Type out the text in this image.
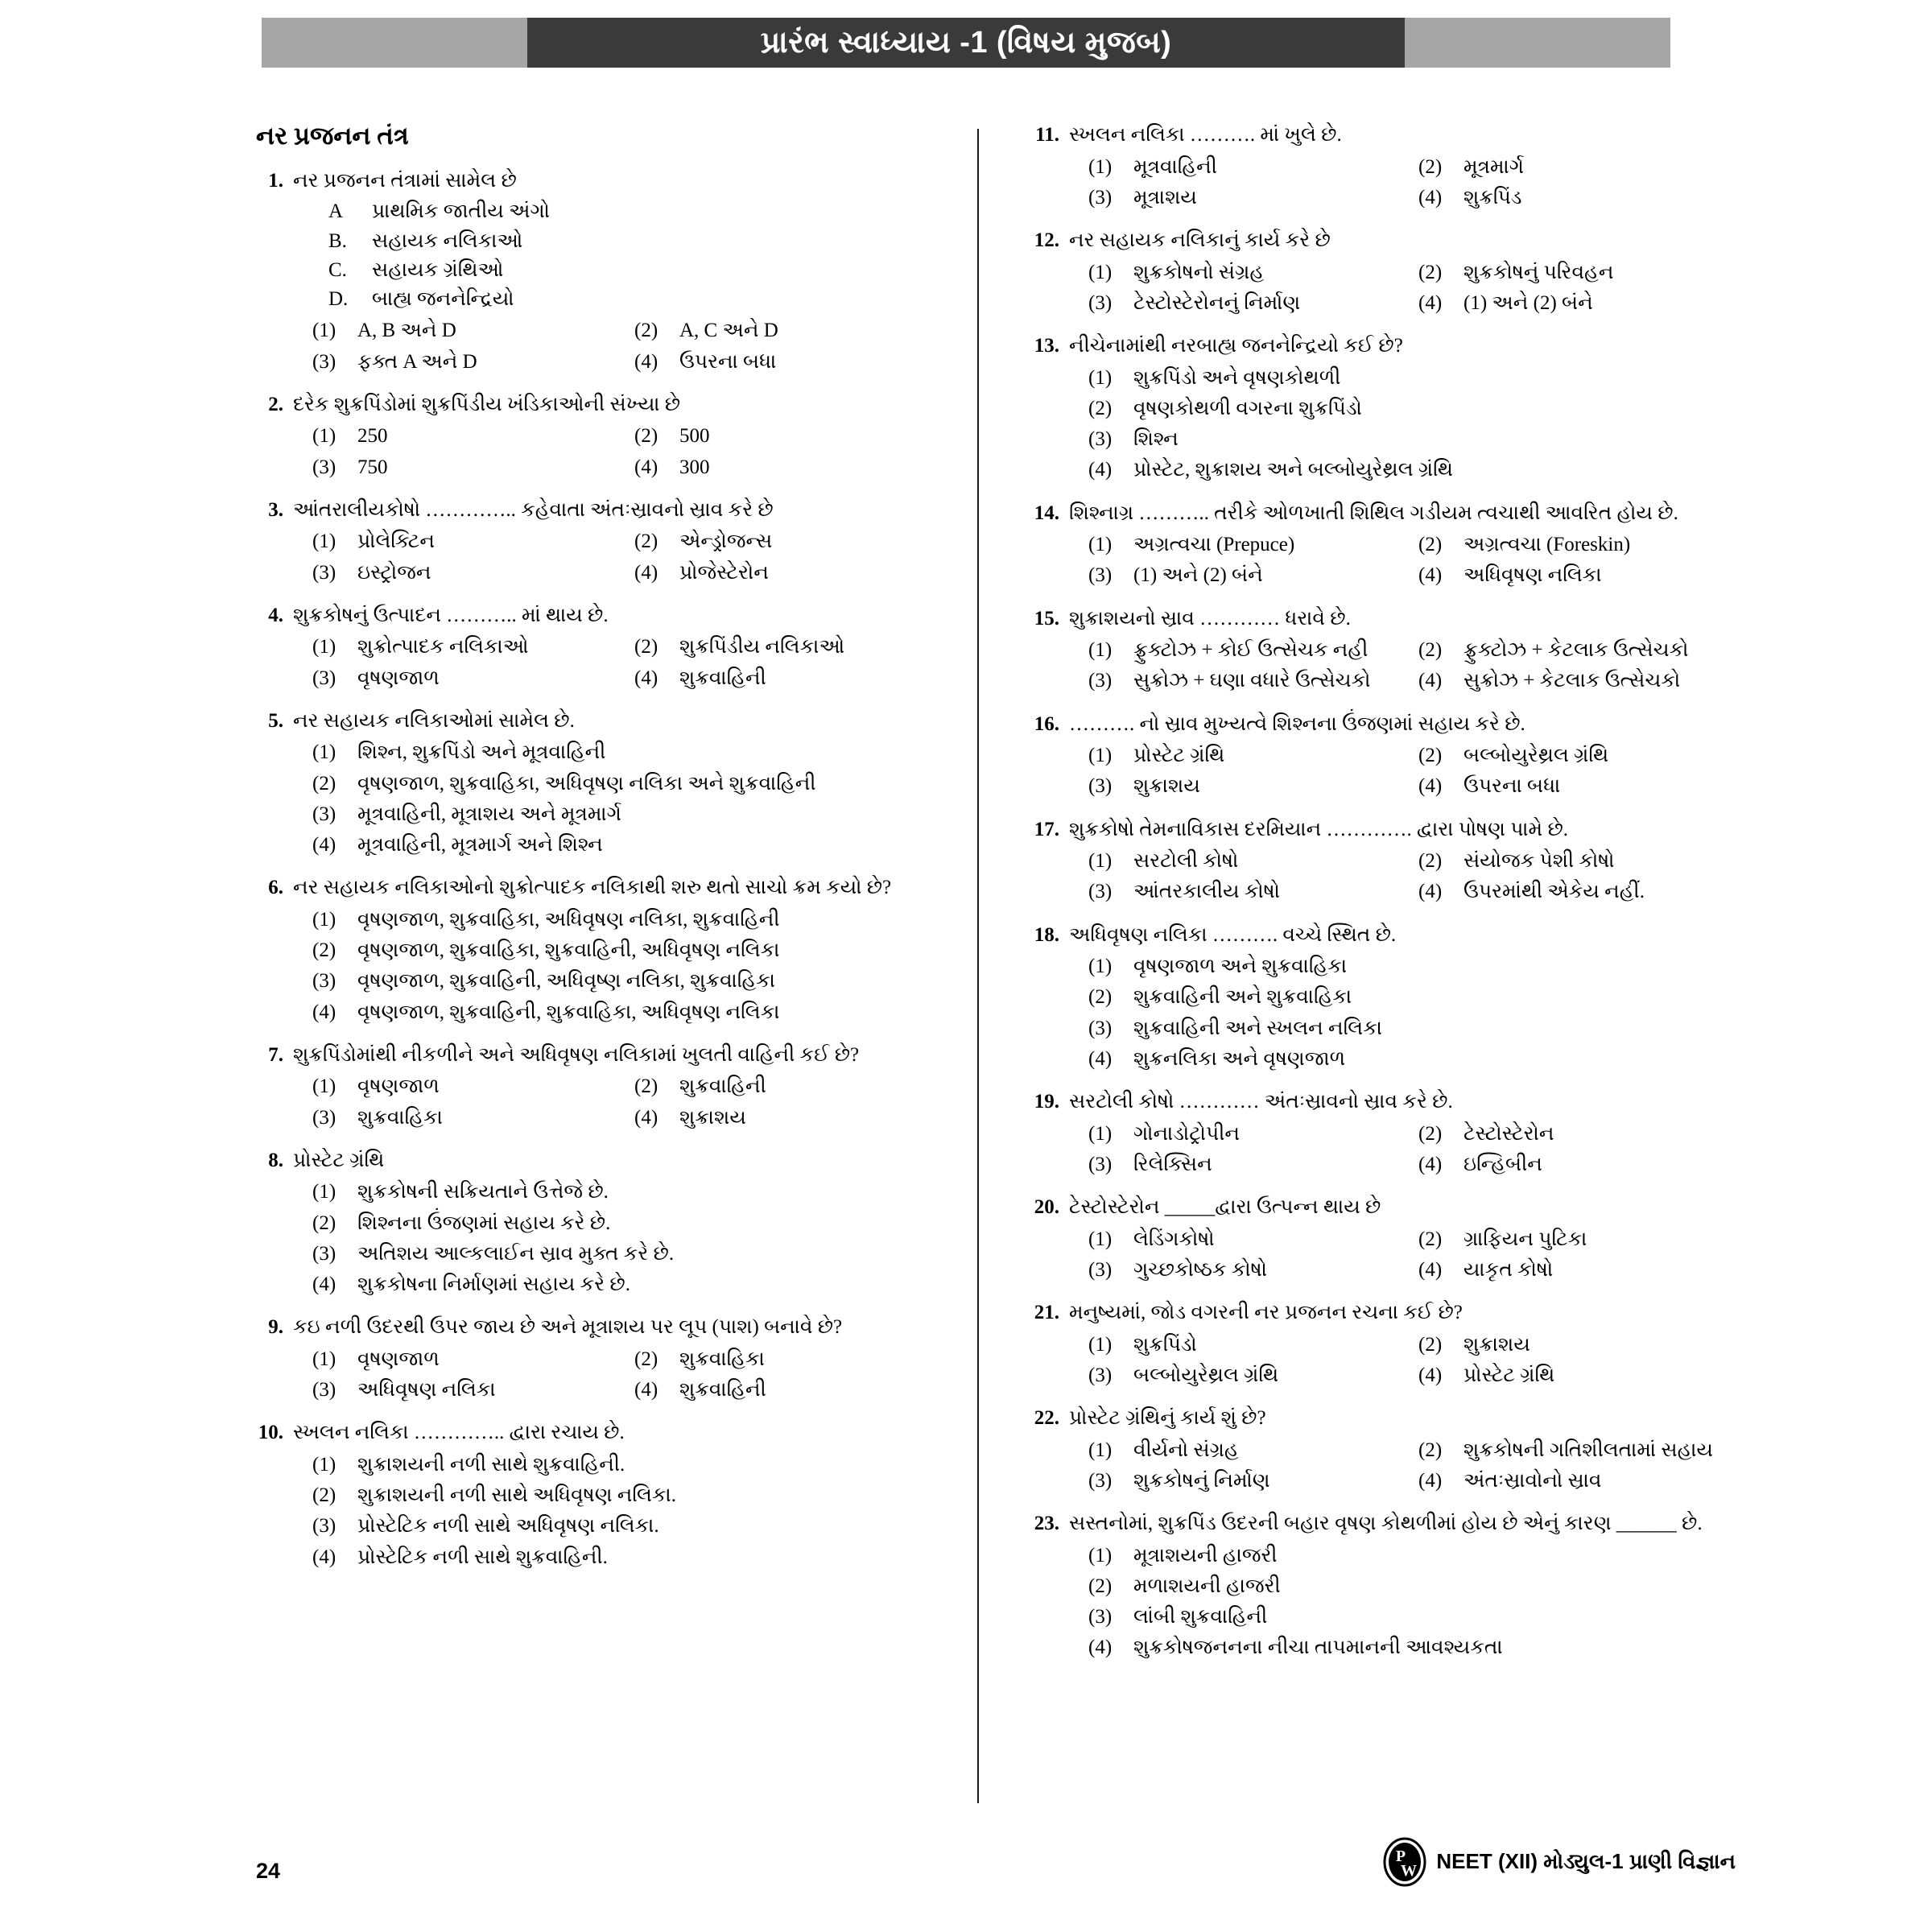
પ્રારંભ સ્વાધ્યાય -1 (વિષય મુજબ)
નર પ્રજનન તંત્ર
1. નર પ્રજનન તંત્રામાં સામેલ છે
A	પ્રાથમિક જાતીય અંગો
B.	સહાયક નલિકાઓ
C.	સહાયક ગ્રંથિઓ
D.	બાહ્ય જનનેન્દ્રિયો
(1)	A, B અને D	(2)	A, C અને D
(3)	ફક્ત A અને D	(4)	ઉપરના બધા
2. દરેક શુક્રપિંડોમાં શુક્રપિંડીય ખંડિકાઓની સંખ્યા છે
(1)	250	(2)	500
(3)	750	(4)	300
3. આંતરાલીયકોષો ………….. કહેવાતા અંતઃસ્રાવનો સ્રાવ કરે છે
(1)	પ્રોલેક્ટિન	(2)	એન્ડ્રોજન્સ
(3)	ઇસ્ટ્રોજન	(4)	પ્રોજેસ્ટેરોન
4. શુક્રકોષનું ઉત્પાદન ……….. માં થાય છે.
(1)	શુક્રોત્પાદક નલિકાઓ	(2)	શુક્રપિંડીય નલિકાઓ
(3)	વૃષણજાળ	(4)	શુક્રવાહિની
5. નર સહાયક નલિકાઓમાં સામેલ છે.
(1)	શિશ્ન, શુક્રપિંડો અને મૂત્રવાહિની
(2)	વૃષણજાળ, શુક્રવાહિકા, અધિવૃષણ નલિકા અને શુક્રવાહિની
(3)	મૂત્રવાહિની, મૂત્રાશય અને મૂત્રમાર્ગ
(4)	મૂત્રવાહિની, મૂત્રમાર્ગ અને શિશ્ન
6. નર સહાયક નલિકાઓનો શુક્રોત્પાદક નલિકાથી શરુ થતો સાચો ક્રમ કયો છે?
(1)	વૃષણજાળ, શુક્રવાહિકા, અધિવૃષણ નલિકા, શુક્રવાહિની
(2)	વૃષણજાળ, શુક્રવાહિકા, શુક્રવાહિની, અધિવૃષણ નલિકા
(3)	વૃષણજાળ, શુક્રવાહિની, અધિવૃષ્ણ નલિકા, શુક્રવાહિકા
(4)	વૃષણજાળ, શુક્રવાહિની, શુક્રવાહિકા, અધિવૃષણ નલિકા
7. શુક્રપિંડોમાંથી નીકળીને અને અધિવૃષણ નલિકામાં ખુલતી વાહિની કઈ છે?
(1)	વૃષણજાળ	(2)	શુક્રવાહિની
(3)	શુક્રવાહિકા	(4)	શુક્રાશય
8. પ્રોસ્ટેટ ગ્રંથિ
(1)	શુક્રકોષની સક્રિયતાને ઉત્તેજે છે.
(2)	શિશ્નના ઉંજણમાં સહાય કરે છે.
(3)	અતિશય આલ્કલાઈન સ્રાવ મુક્ત કરે છે.
(4)	શુક્રકોષના નિર્માણમાં સહાય કરે છે.
9. કઇ નળી ઉદરથી ઉપર જાય છે અને મૂત્રાશય પર લૂપ (પાશ) બનાવે છે?
(1)	વૃષણજાળ	(2)	શુક્રવાહિકા
(3)	અધિવૃષણ નલિકા	(4)	શુક્રવાહિની
10. સ્ખલન નલિકા ………….. દ્વારા રચાય છે.
(1)	શુક્રાશયની નળી સાથે શુક્રવાહિની.
(2)	શુક્રાશયની નળી સાથે અધિવૃષણ નલિકા.
(3)	પ્રોસ્ટેટિક નળી સાથે અધિવૃષણ નલિકા.
(4)	પ્રોસ્ટેટિક નળી સાથે શુક્રવાહિની.
11. સ્ખલન નલિકા ………. માં ખુલે છે.
(1)	મૂત્રવાહિની	(2)	મૂત્રમાર્ગ
(3)	મૂત્રાશય	(4)	શુક્રપિંડ
12. નર સહાયક નલિકાનું કાર્ય કરે છે
(1)	શુક્રકોષનો સંગ્રહ	(2)	શુક્રકોષનું પરિવહન
(3)	ટેસ્ટોસ્ટેરોનનું નિર્માણ	(4)	(1) અને (2) બંને
13. નીચેનામાંથી નરબાહ્ય જનનેન્દ્રિયો કઈ છે?
(1)	શુક્રપિંડો અને વૃષણકોથળી
(2)	વૃષણકોથળી વગરના શુક્રપિંડો
(3)	શિશ્ન
(4)	પ્રોસ્ટેટ, શુક્રાશય અને બલ્બોયુરેથ્રલ ગ્રંથિ
14. શિશ્નાગ્ર ……….. તરીકે ઓળખાતી શિથિલ ગડીયમ ત્વચાથી આવરિત હોય છે.
(1)	અગ્રત્વચા (Prepuce)	(2)	અગ્રત્વચા (Foreskin)
(3)	(1) અને (2) બંને	(4)	અધિવૃષણ નલિકા
15. શુક્રાશયનો સ્રાવ ………… ધરાવે છે.
(1)	ફ્રુક્ટોઝ + કોઈ ઉત્સેચક નહી	(2)	ફ્રુક્ટોઝ + કેટલાક ઉત્સેચકો
(3)	સુક્રોઝ + ઘણા વધારે ઉત્સેચકો	(4)	સુક્રોઝ + કેટલાક ઉત્સેચકો
16. ………. નો સ્રાવ મુખ્યત્વે શિશ્નના ઉંજણમાં સહાય કરે છે.
(1)	પ્રોસ્ટેટ ગ્રંથિ	(2)	બલ્બોયુરેથ્રલ ગ્રંથિ
(3)	શુક્રાશય	(4)	ઉપરના બધા
17. શુક્રકોષો તેમનાવિકાસ દરમિયાન …………. દ્વારા પોષણ પામે છે.
(1)	સરટોલી કોષો	(2)	સંયોજક પેશી કોષો
(3)	આંતરકાલીય કોષો	(4)	ઉપરમાંથી એકેય નહીં.
18. અધિવૃષણ નલિકા ………. વચ્ચે સ્થિત છે.
(1)	વૃષણજાળ અને શુક્રવાહિકા
(2)	શુક્રવાહિની અને શુક્રવાહિકા
(3)	શુક્રવાહિની અને સ્ખલન નલિકા
(4)	શુક્રનલિકા અને વૃષણજાળ
19. સરટોલી કોષો ………… અંતઃસ્રાવનો સ્રાવ કરે છે.
(1)	ગોનાડોટ્રોપીન	(2)	ટેસ્ટોસ્ટેરોન
(3)	રિલેક્સિન	(4)	ઇન્હિબીન
20. ટેસ્ટોસ્ટેરોન _____દ્વારા ઉત્પન્ન થાય છે
(1)	લેડિંગકોષો	(2)	ગ્રાફિયન પુટિકા
(3)	ગુચ્છકોષ્ઠક કોષો	(4)	યાકૃત કોષો
21. મનુષ્યમાં, જોડ વગરની નર પ્રજનન રચના કઈ છે?
(1)	શુક્રપિંડો	(2)	શુક્રાશય
(3)	બલ્બોયુરેથ્રલ ગ્રંથિ	(4)	પ્રોસ્ટેટ ગ્રંથિ
22. પ્રોસ્ટેટ ગ્રંથિનું કાર્ય શું છે?
(1)	વીર્યનો સંગ્રહ	(2)	શુક્રકોષની ગતિશીલતામાં સહાય
(3)	શુક્રકોષનું નિર્માણ	(4)	અંતઃસ્રાવોનો સ્રાવ
23. સસ્તનોમાં, શુક્રપિંડ ઉદરની બહાર વૃષણ કોથળીમાં હોય છે એનું કારણ ______ છે.
(1)	મૂત્રાશયની હાજરી
(2)	મળાશયની હાજરી
(3)	લાંબી શુક્રવાહિની
(4)	શુક્રકોષજનનના નીચા તાપમાનની આવશ્યકતા
24
P
W NEET (XII) મોડ્યુલ-1 પ્રાણી વિજ્ઞાન
